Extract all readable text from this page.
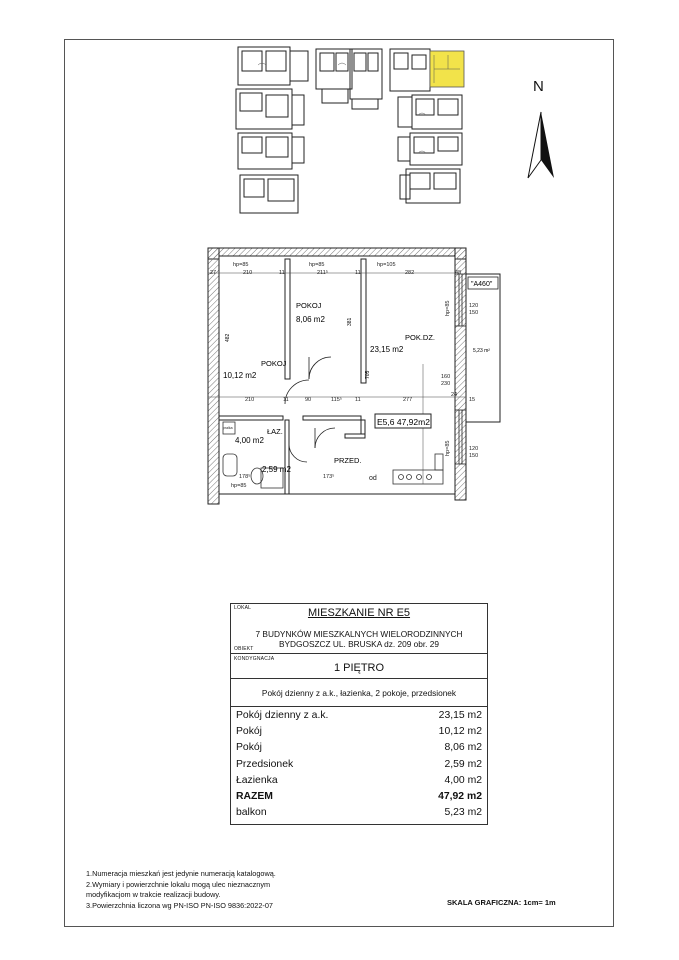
N
POKOJ
8,06 m2	381
POKOJ
10,12 m2
482	POK.DZ.
23,15 m2
705
ŁAZ.
4,00 m2
PRZED.
2,59 m2
E5,6 47,92m2
"A460"
5,23 m²
hp=85	hp=85	hp=105
27	210	11	211⁵	11	282	48
210	11	90	115⁵ 11	277
24
15
120
150
120
150
hp=85
160
230
hp=85
hp=85
178⁵	173⁵	od
pralka
LOKAL	MIESZKANIE NR E5
7 BUDYNKÓW MIESZKALNYCH WIELORODZINNYCH
BYDGOSZCZ UL. BRUSKA dz. 209 obr. 29
OBIEKT
KONDYGNACJA
1 PIĘTRO
Pokój dzienny z a.k., łazienka, 2 pokoje, przedsionek
Pokój dzienny z a.k.	23,15 m2
Pokój	10,12 m2
Pokój	8,06 m2
Przedsionek	2,59 m2
Łazienka	4,00 m2
RAZEM	47,92 m2
balkon	5,23 m2
1.Numeracja mieszkań jest jedynie numeracją katalogową.
2.Wymiary i powierzchnie lokalu mogą ulec nieznacznym
modyfikacjom w trakcie realizacji budowy.
3.Powierzchnia liczona wg PN-ISO PN-ISO 9836:2022-07	SKALA GRAFICZNA: 1cm= 1m
